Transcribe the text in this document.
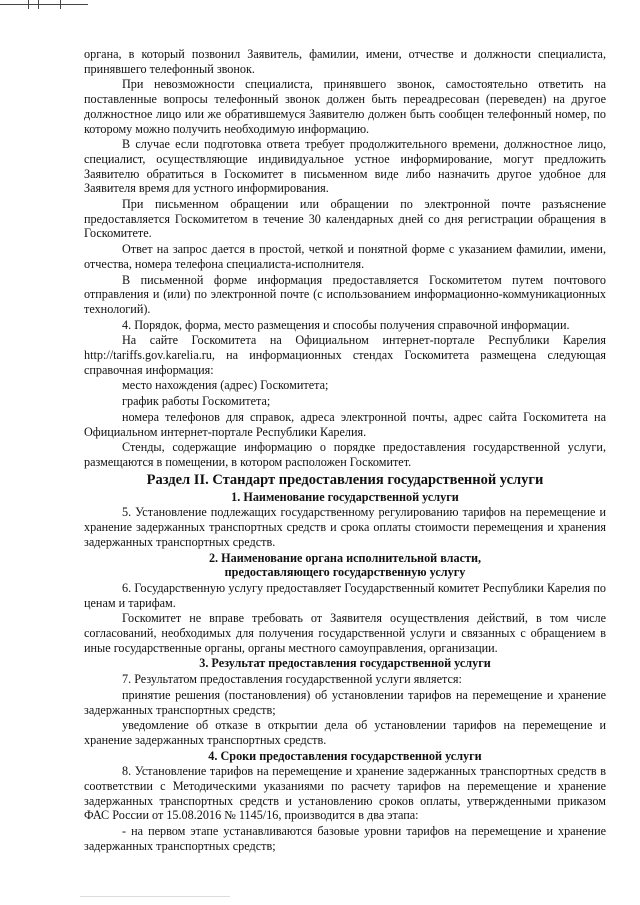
органа, в который позвонил Заявитель, фамилии, имени, отчестве и должности специалиста, принявшего телефонный звонок.

При невозможности специалиста, принявшего звонок, самостоятельно ответить на поставленные вопросы телефонный звонок должен быть переадресован (переведен) на другое должностное лицо или же обратившемуся Заявителю должен быть сообщен телефонный номер, по которому можно получить необходимую информацию.

В случае если подготовка ответа требует продолжительного времени, должностное лицо, специалист, осуществляющие индивидуальное устное информирование, могут предложить Заявителю обратиться в Госкомитет в письменном виде либо назначить другое удобное для Заявителя время для устного информирования.

При письменном обращении или обращении по электронной почте разъяснение предоставляется Госкомитетом в течение 30 календарных дней со дня регистрации обращения в Госкомитете.

Ответ на запрос дается в простой, четкой и понятной форме с указанием фамилии, имени, отчества, номера телефона специалиста-исполнителя.

В письменной форме информация предоставляется Госкомитетом путем почтового отправления и (или) по электронной почте (с использованием информационно-коммуникационных технологий).

4. Порядок, форма, место размещения и способы получения справочной информации.

На сайте Госкомитета на Официальном интернет-портале Республики Карелия http://tariffs.gov.karelia.ru, на информационных стендах Госкомитета размещена следующая справочная информация:

место нахождения (адрес) Госкомитета;

график работы Госкомитета;

номера телефонов для справок, адреса электронной почты, адрес сайта Госкомитета на Официальном интернет-портале Республики Карелия.

Стенды, содержащие информацию о порядке предоставления государственной услуги, размещаются в помещении, в котором расположен Госкомитет.

Раздел II. Стандарт предоставления государственной услуги
1. Наименование государственной услуги

5. Установление подлежащих государственному регулированию тарифов на перемещение и хранение задержанных транспортных средств и срока оплаты стоимости перемещения и хранения задержанных транспортных средств.

2. Наименование органа исполнительной власти,
предоставляющего государственную услугу

6. Государственную услугу предоставляет Государственный комитет Республики Карелия по ценам и тарифам.

Госкомитет не вправе требовать от Заявителя осуществления действий, в том числе согласований, необходимых для получения государственной услуги и связанных с обращением в иные государственные органы, органы местного самоуправления, организации.

3. Результат предоставления государственной услуги

7. Результатом предоставления государственной услуги является:

принятие решения (постановления) об установлении тарифов на перемещение и хранение задержанных транспортных средств;

уведомление об отказе в открытии дела об установлении тарифов на перемещение и хранение задержанных транспортных средств.

4. Сроки предоставления государственной услуги

8. Установление тарифов на перемещение и хранение задержанных транспортных средств в соответствии с Методическими указаниями по расчету тарифов на перемещение и хранение задержанных транспортных средств и установлению сроков оплаты, утвержденными приказом ФАС России от 15.08.2016 № 1145/16, производится в два этапа:

- на первом этапе устанавливаются базовые уровни тарифов на перемещение и хранение задержанных транспортных средств;
